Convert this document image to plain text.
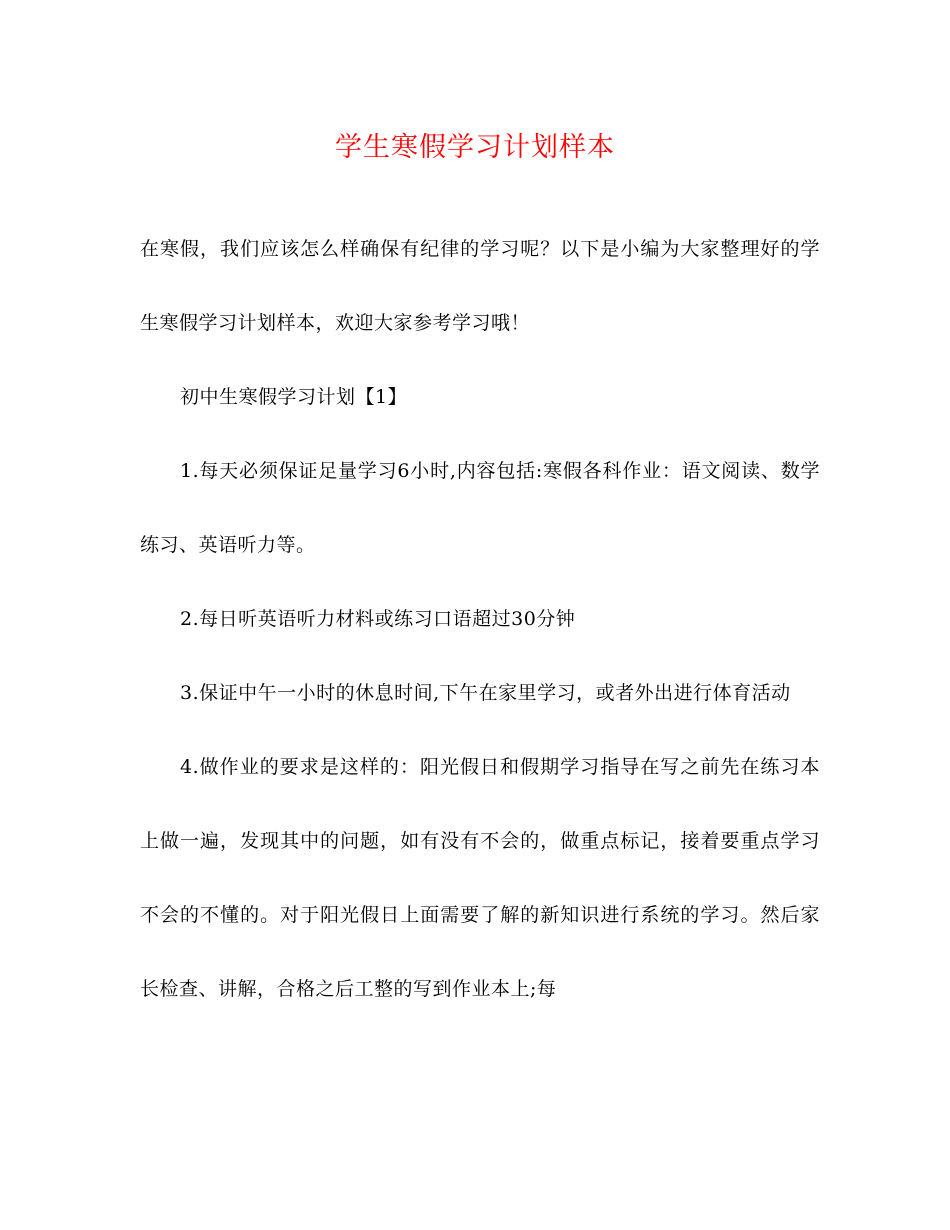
学生寒假学习计划样本

在寒假，我们应该怎么样确保有纪律的学习呢？以下是小编为大家整理好的学生寒假学习计划样本，欢迎大家参考学习哦！

初中生寒假学习计划【1】

1.每天必须保证足量学习6小时,内容包括:寒假各科作业：语文阅读、数学练习、英语听力等。

2.每日听英语听力材料或练习口语超过30分钟

3.保证中午一小时的休息时间,下午在家里学习，或者外出进行体育活动

4.做作业的要求是这样的：阳光假日和假期学习指导在写之前先在练习本上做一遍，发现其中的问题，如有没有不会的，做重点标记，接着要重点学习不会的不懂的。对于阳光假日上面需要了解的新知识进行系统的学习。然后家长检查、讲解，合格之后工整的写到作业本上;每
